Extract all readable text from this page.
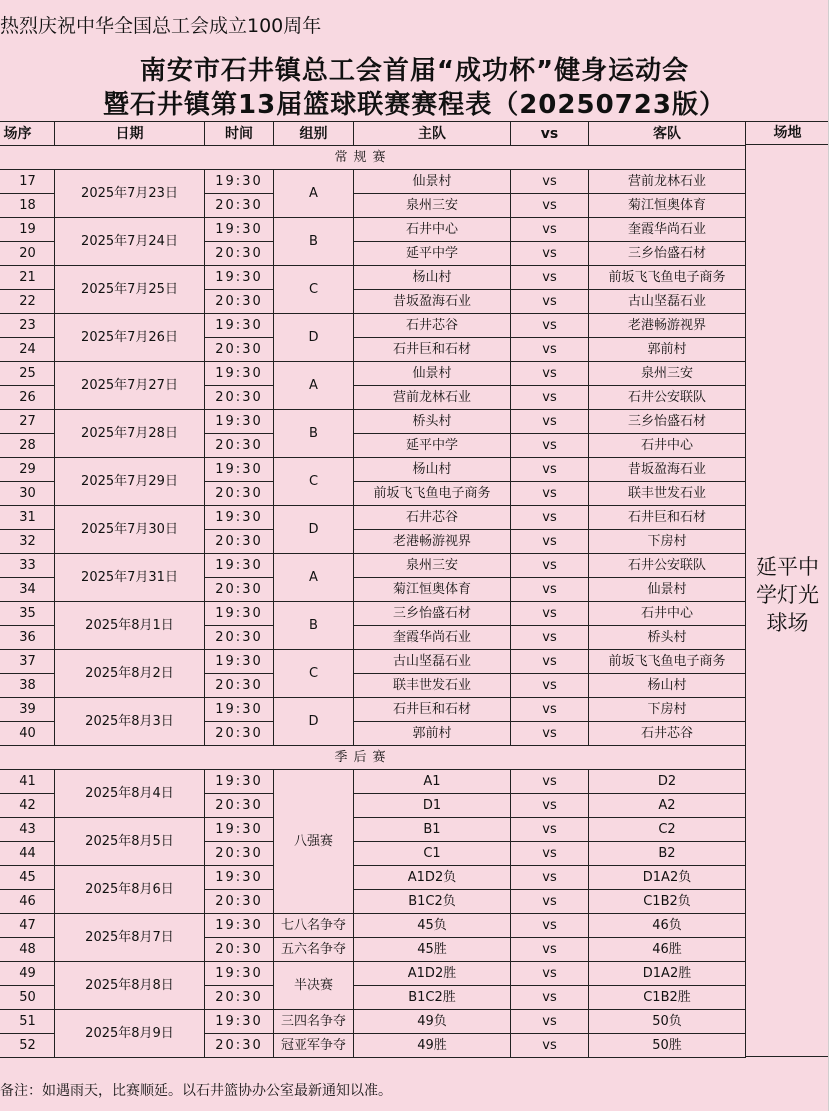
热烈庆祝中华全国总工会成立100周年
南安市石井镇总工会首届“成功杯”健身运动会
暨石井镇第13届篮球联赛赛程表（20250723版）
场序	日期	时间	组别	主队	vs	客队
常规赛						
17	2025年7月23日	19:30	A	仙景村	vs	营前龙林石业
18		20:30		泉州三安	vs	菊江恒奥体育
19	2025年7月24日	19:30	B	石井中心	vs	奎霞华尚石业
20		20:30		延平中学	vs	三乡怡盛石材
21	2025年7月25日	19:30	C	杨山村	vs	前坂飞飞鱼电子商务
22		20:30		昔坂盈海石业	vs	古山坚磊石业
23	2025年7月26日	19:30	D	石井芯谷	vs	老港畅游视界
24		20:30		石井巨和石材	vs	郭前村
25	2025年7月27日	19:30	A	仙景村	vs	泉州三安
26		20:30		营前龙林石业	vs	石井公安联队
27	2025年7月28日	19:30	B	桥头村	vs	三乡怡盛石材
28		20:30		延平中学	vs	石井中心
29	2025年7月29日	19:30	C	杨山村	vs	昔坂盈海石业
30		20:30		前坂飞飞鱼电子商务	vs	联丰世发石业
31	2025年7月30日	19:30	D	石井芯谷	vs	石井巨和石材
32		20:30		老港畅游视界	vs	下房村
33	2025年7月31日	19:30	A	泉州三安	vs	石井公安联队
34		20:30		菊江恒奥体育	vs	仙景村
35	2025年8月1日	19:30	B	三乡怡盛石材	vs	石井中心
36		20:30		奎霞华尚石业	vs	桥头村
37	2025年8月2日	19:30	C	古山坚磊石业	vs	前坂飞飞鱼电子商务
38		20:30		联丰世发石业	vs	杨山村
39	2025年8月3日	19:30	D	石井巨和石材	vs	下房村
40		20:30		郭前村	vs	石井芯谷
季后赛						
41	2025年8月4日	19:30	八强赛	A1	vs	D2
42		20:30		D1	vs	A2
43	2025年8月5日	19:30		B1	vs	C2
44		20:30		C1	vs	B2
45	2025年8月6日	19:30		A1D2负	vs	D1A2负
46		20:30		B1C2负	vs	C1B2负
47	2025年8月7日	19:30	七八名争夺	45负	vs	46负
48		20:30	五六名争夺	45胜	vs	46胜
49	2025年8月8日	19:30	半决赛	A1D2胜	vs	D1A2胜
50		20:30		B1C2胜	vs	C1B2胜
51	2025年8月9日	19:30	三四名争夺	49负	vs	50负
52		20:30	冠亚军争夺	49胜	vs	50胜
场地
延平中学灯光球场
备注：如遇雨天，比赛顺延。以石井篮协办公室最新通知以准。
